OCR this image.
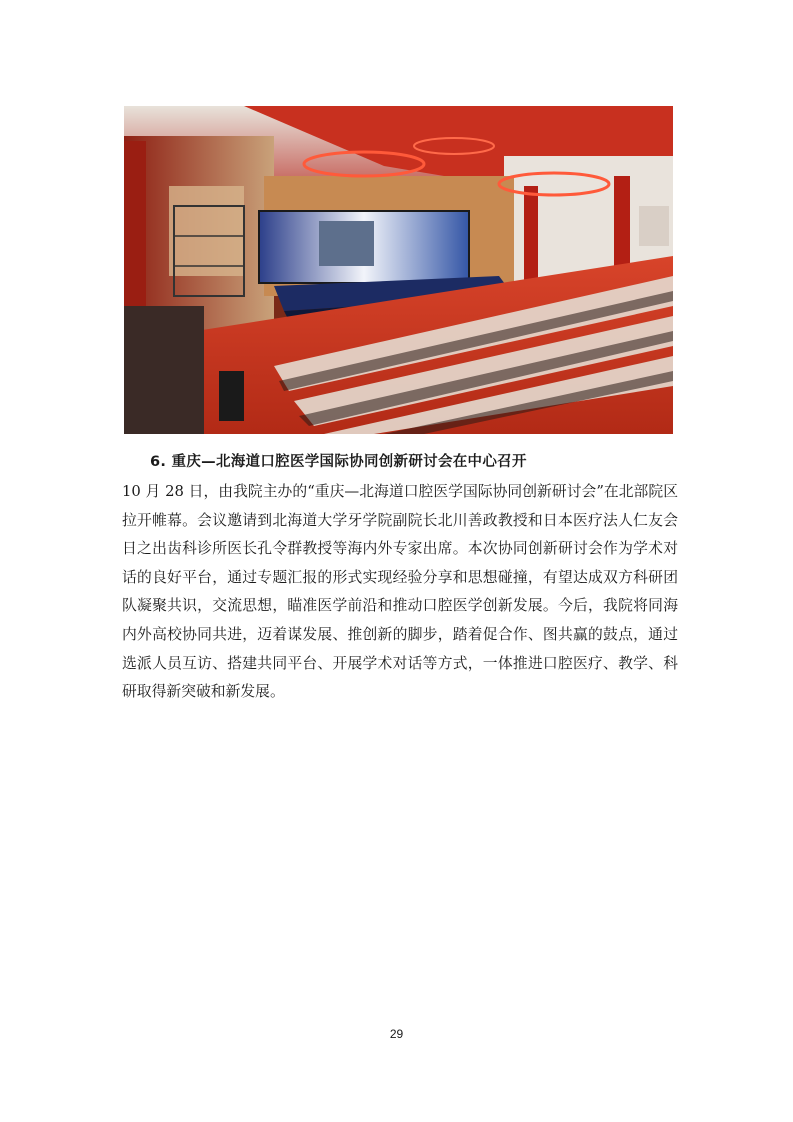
6. 重庆—北海道口腔医学国际协同创新研讨会在中心召开

10 月 28 日，由我院主办的“重庆—北海道口腔医学国际协同创新研讨会”在北部院区拉开帷幕。会议邀请到北海道大学牙学院副院长北川善政教授和日本医疗法人仁友会日之出齿科诊所医长孔令群教授等海内外专家出席。本次协同创新研讨会作为学术对话的良好平台，通过专题汇报的形式实现经验分享和思想碰撞，有望达成双方科研团队凝聚共识，交流思想，瞄准医学前沿和推动口腔医学创新发展。今后，我院将同海内外高校协同共进，迈着谋发展、推创新的脚步，踏着促合作、图共赢的鼓点，通过选派人员互访、搭建共同平台、开展学术对话等方式，一体推进口腔医疗、教学、科研取得新突破和新发展。

29
